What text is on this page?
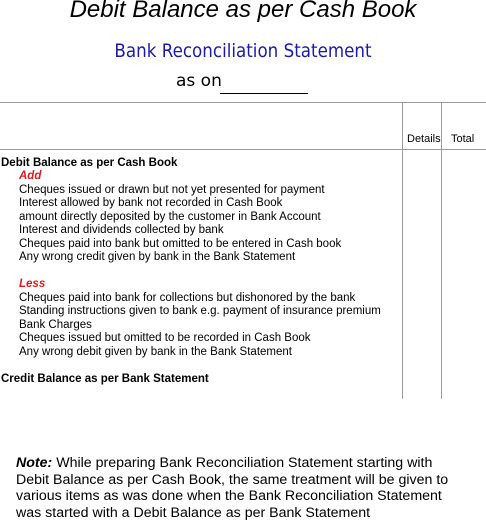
Debit Balance as per Cash Book
Bank Reconciliation Statement
as on
Details Total
Debit Balance as per Cash Book
Add
Cheques issued or drawn but not yet presented for payment
Interest allowed by bank not recorded in Cash Book
amount directly deposited by the customer in Bank Account
Interest and dividends collected by bank
Cheques paid into bank but omitted to be entered in Cash book
Any wrong credit given by bank in the Bank Statement
Less
Cheques paid into bank for collections but dishonored by the bank
Standing instructions given to bank e.g. payment of insurance premium
Bank Charges
Cheques issued but omitted to be recorded in Cash Book
Any wrong debit given by bank in the Bank Statement
Credit Balance as per Bank Statement
Note: While preparing Bank Reconciliation Statement starting with Debit Balance as per Cash Book, the same treatment will be given to various items as was done when the Bank Reconciliation Statement was started with a Debit Balance as per Bank Statement
